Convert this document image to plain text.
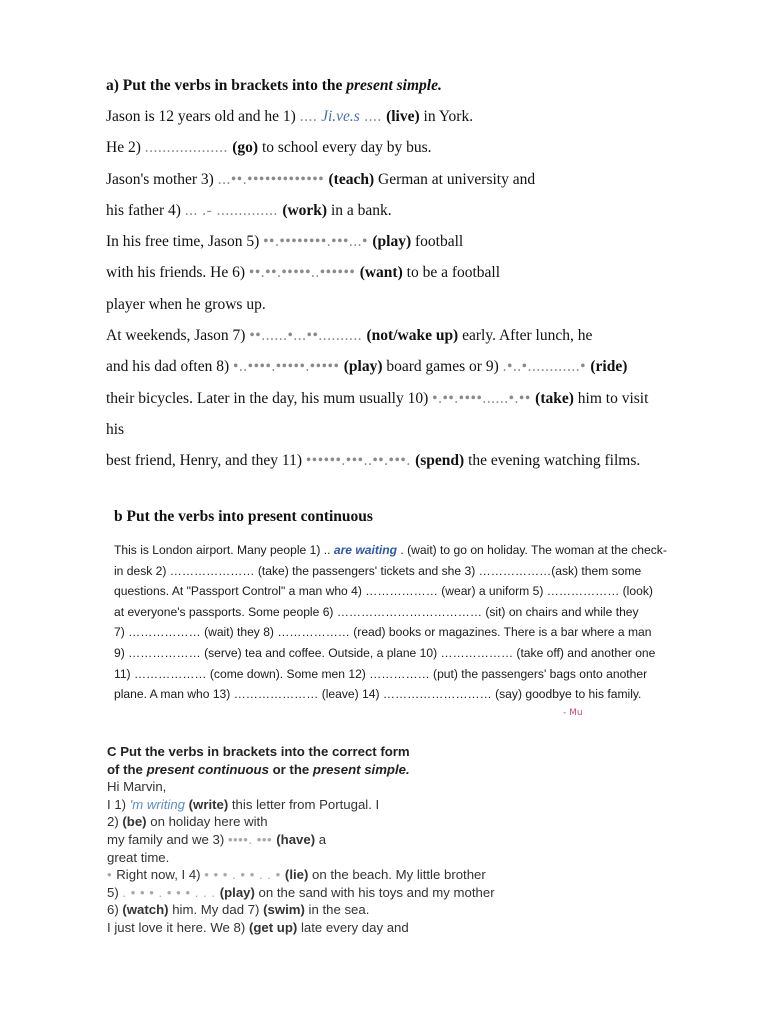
a) Put the verbs in brackets into the present simple.
Jason is 12 years old and he 1) .... Ji.ve.s .... (live) in York.
He 2) ................... (go) to school every day by bus.
Jason's mother 3) ...••.••••••••••••• (teach) German at university and
his father 4) ... .- .............. (work) in a bank.
In his free time, Jason 5) ••.••••••••.•••...• (play) football
with his friends. He 6) ••.••.•••••..•••••• (want) to be a football
player when he grows up.
At weekends, Jason 7) ••......•...••.......... (not/wake up) early. After lunch, he
and his dad often 8) •..••••.•••••.••••• (play) board games or 9) .•..•............• (ride)
their bicycles. Later in the day, his mum usually 10) •.••.••••......•.•• (take) him to visit
his
best friend, Henry, and they 11) ••••••.•••..••.•••. (spend) the evening watching films.
b Put the verbs into present continuous
This is London airport. Many people 1) .. are waiting . (wait) to go on holiday. The woman at the check-
in desk 2) ………………… (take) the passengers' tickets and she 3) ………………(ask) them some
questions. At "Passport Control" a man who 4) ……………… (wear) a uniform 5) ……………… (look)
at everyone's passports. Some people 6) ……………………………… (sit) on chairs and while they
7) ……………… (wait) they 8) ……………… (read) books or magazines. There is a bar where a man
9) ……………… (serve) tea and coffee. Outside, a plane 10) ……………… (take off) and another one
11) ……………… (come down). Some men 12) …………… (put) the passengers' bags onto another
plane. A man who 13) ………………… (leave) 14) ……………………… (say) goodbye to his family.
- Mu
C Put the verbs in brackets into the correct form
of the present continuous or the present simple.
Hi Marvin,
I 1) 'm writing (write) this letter from Portugal. I
2) (be) on holiday here with
my family and we 3) ••••. ••• (have) a
great time.
• Right now, I 4) • • • . • • . . • (lie) on the beach. My little brother
5) . • • • . • • • . . . (play) on the sand with his toys and my mother
6) (watch) him. My dad 7) (swim) in the sea.
I just love it here. We 8) (get up) late every day and
